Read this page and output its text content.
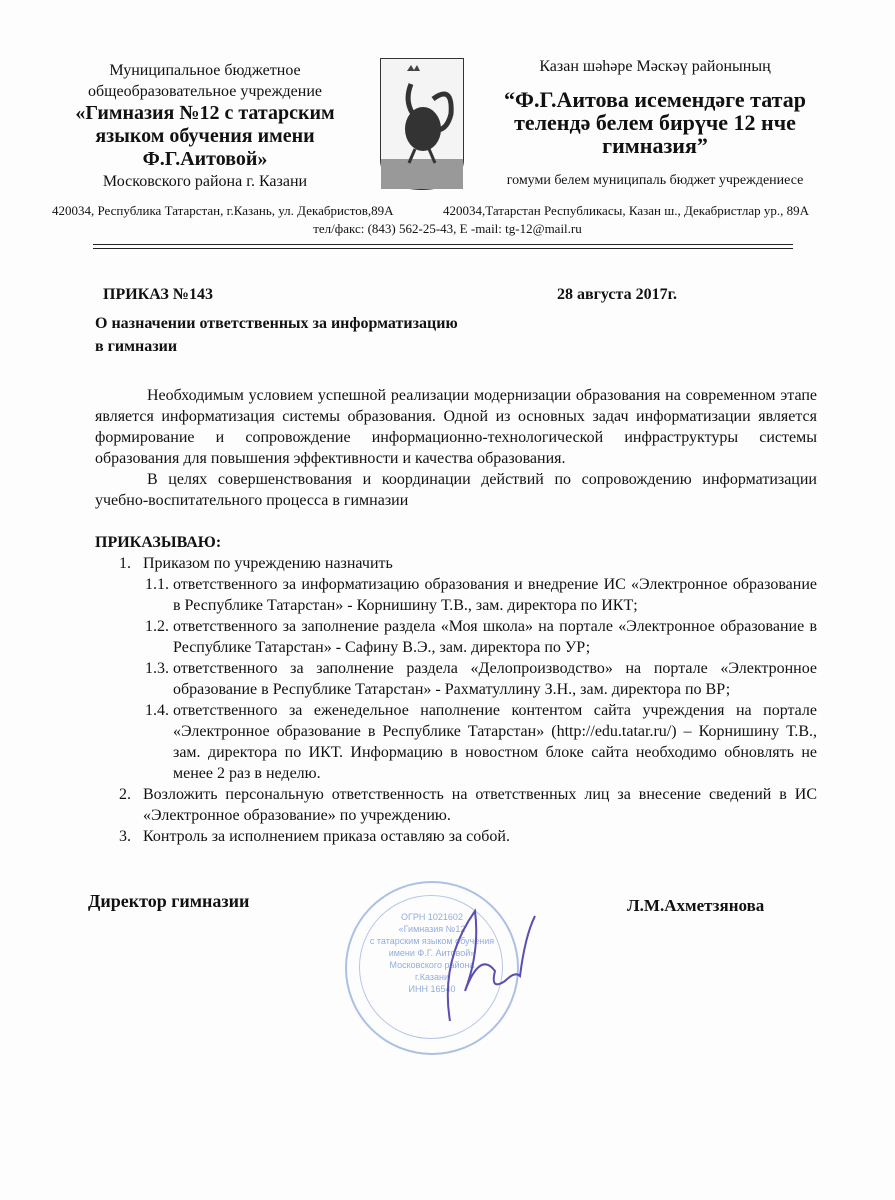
Муниципальное бюджетное
общеобразовательное учреждение
«Гимназия №12 с татарским языком обучения имени Ф.Г.Аитовой»
Московского района г. Казани
Казан шәһәре Мәскәү районының
“Ф.Г.Аитова исемендәге татар телендә белем бирүче 12 нче гимназия”
гомуми белем муниципаль бюджет учреждениесе
420034, Республика Татарстан, г.Казань, ул. Декабристов,89А	420034,Татарстан Республикасы, Казан ш., Декабристлар ур., 89А
тел/факс: (843) 562-25-43, E -mail: tg-12@mail.ru
ПРИКАЗ №143	28 августа 2017г.
О назначении ответственных за информатизацию
в гимназии
Необходимым условием успешной реализации модернизации образования на современном этапе является информатизация системы образования. Одной из основных задач информатизации является формирование и сопровождение информационно-технологической инфраструктуры системы образования для повышения эффективности и качества образования.
В целях совершенствования и координации действий по сопровождению информатизации учебно-воспитательного процесса в гимназии
ПРИКАЗЫВАЮ:
1. Приказом по учреждению назначить
1.1. ответственного за информатизацию образования и внедрение ИС «Электронное образование в Республике Татарстан» - Корнишину Т.В., зам. директора по ИКТ;
1.2. ответственного за заполнение раздела «Моя школа» на портале «Электронное образование в Республике Татарстан» - Сафину В.Э., зам. директора по УР;
1.3. ответственного за заполнение раздела «Делопроизводство» на портале «Электронное образование в Республике Татарстан» - Рахматуллину З.Н., зам. директора по ВР;
1.4. ответственного за еженедельное наполнение контентом сайта учреждения на портале «Электронное образование в Республике Татарстан» (http://edu.tatar.ru/) – Корнишину Т.В., зам. директора по ИКТ. Информацию в новостном блоке сайта необходимо обновлять не менее 2 раз в неделю.
2. Возложить персональную ответственность на ответственных лиц за внесение сведений в ИС «Электронное образование» по учреждению.
3. Контроль за исполнением приказа оставляю за собой.
Директор гимназии	Л.М.Ахметзянова
ОГРН 1021602
«Гимназия №12
с татарским языком обучения
имени Ф.Г. Аитовой»
Московского района
г.Казани
ИНН 16540
